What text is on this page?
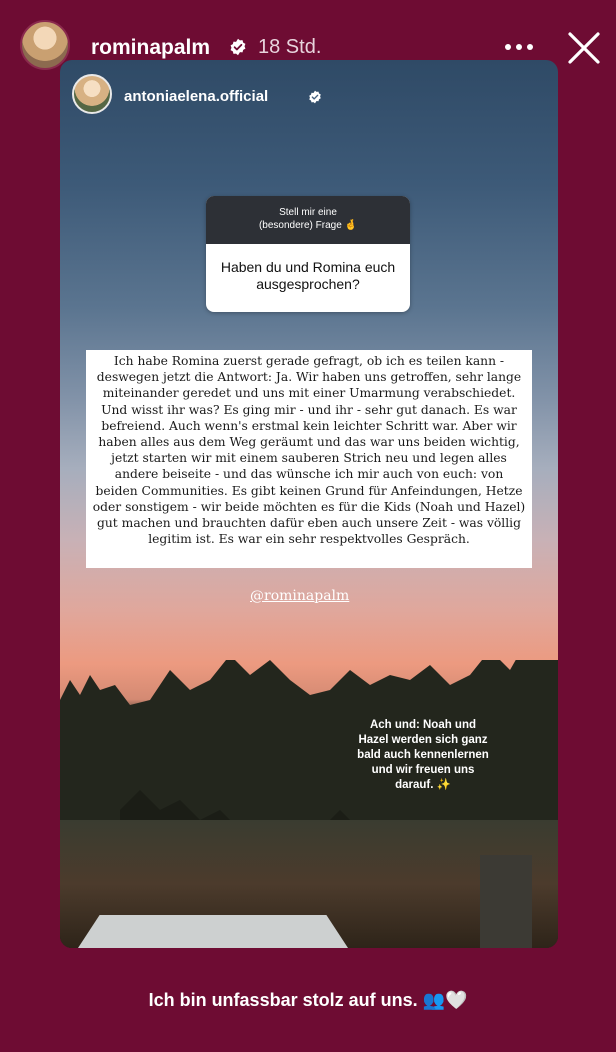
rominapalm 18 Std.
antoniaelena.official
Stell mir eine
(besondere) Frage 🤞
Haben du und Romina euch ausgesprochen?

Ich habe Romina zuerst gerade gefragt, ob ich es teilen kann - deswegen jetzt die Antwort: Ja. Wir haben uns getroffen, sehr lange miteinander geredet und uns mit einer Umarmung verabschiedet. Und wisst ihr was? Es ging mir - und ihr - sehr gut danach. Es war befreiend. Auch wenn's erstmal kein leichter Schritt war. Aber wir haben alles aus dem Weg geräumt und das war uns beiden wichtig, jetzt starten wir mit einem sauberen Strich neu und legen alles andere beiseite - und das wünsche ich mir auch von euch: von beiden Communities. Es gibt keinen Grund für Anfeindungen, Hetze oder sonstigem - wir beide möchten es für die Kids (Noah und Hazel) gut machen und brauchten dafür eben auch unsere Zeit - was völlig legitim ist. Es war ein sehr respektvolles Gespräch.

@rominapalm
Ach und: Noah und Hazel werden sich ganz bald auch kennenlernen und wir freuen uns darauf. ✨
Ich bin unfassbar stolz auf uns. 👥🤍
